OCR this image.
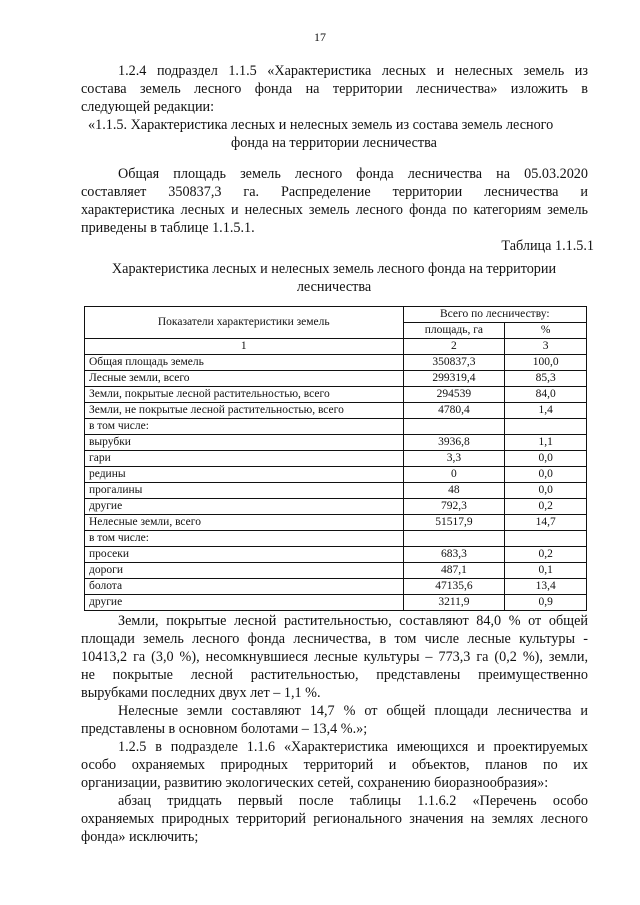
17
1.2.4 подраздел 1.1.5 «Характеристика лесных и нелесных земель из
состава земель лесного фонда на территории лесничества» изложить в
следующей редакции:
«1.1.5. Характеристика лесных и нелесных земель из состава земель лесного
фонда на территории лесничества
Общая площадь земель лесного фонда лесничества на 05.03.2020
составляет 350837,3 га. Распределение территории лесничества и
характеристика лесных и нелесных земель лесного фонда по категориям земель
приведены в таблице 1.1.5.1.
Таблица 1.1.5.1
Характеристика лесных и нелесных земель лесного фонда на территории
лесничества
Показатели характеристики земель	Всего по лесничеству:	
	площадь, га	%
1	2	3
Общая площадь земель	350837,3	100,0
Лесные земли, всего	299319,4	85,3
Земли, покрытые лесной растительностью, всего	294539	84,0
Земли, не покрытые лесной растительностью, всего	4780,4	1,4
в том числе:		
вырубки	3936,8	1,1
гари	3,3	0,0
редины	0	0,0
прогалины	48	0,0
другие	792,3	0,2
Нелесные земли, всего	51517,9	14,7
в том числе:		
просеки	683,3	0,2
дороги	487,1	0,1
болота	47135,6	13,4
другие	3211,9	0,9
Земли, покрытые лесной растительностью, составляют 84,0 % от общей
площади земель лесного фонда лесничества, в том числе лесные культуры -
10413,2 га (3,0 %), несомкнувшиеся лесные культуры – 773,3 га (0,2 %), земли,
не покрытые лесной растительностью, представлены преимущественно
вырубками последних двух лет – 1,1 %.
Нелесные земли составляют 14,7 % от общей площади лесничества и
представлены в основном болотами – 13,4 %.»;
1.2.5 в подразделе 1.1.6 «Характеристика имеющихся и проектируемых
особо охраняемых природных территорий и объектов, планов по их
организации, развитию экологических сетей, сохранению биоразнообразия»:
абзац тридцать первый после таблицы 1.1.6.2 «Перечень особо
охраняемых природных территорий регионального значения на землях лесного
фонда» исключить;
